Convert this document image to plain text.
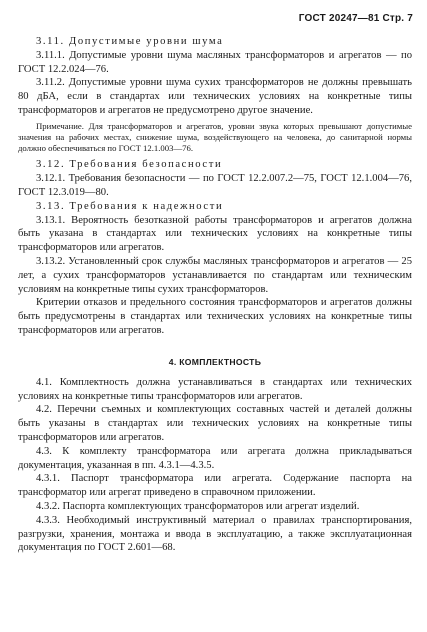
ГОСТ 20247—81 Стр. 7

3.11. Допустимые уровни шума

3.11.1. Допустимые уровни шума масляных трансформаторов и агрегатов — по ГОСТ 12.2.024—76.

3.11.2. Допустимые уровни шума сухих трансформаторов не должны превышать 80 дБА, если в стандартах или технических условиях на конкретные типы трансформаторов и агрегатов не предусмотрено другое значение.

Примечание. Для трансформаторов и агрегатов, уровни звука которых превышают допустимые значения на рабочих местах, снижение шума, воздействующего на человека, до санитарной нормы должно обеспечиваться по ГОСТ 12.1.003—76.

3.12. Требования безопасности

3.12.1. Требования безопасности — по ГОСТ 12.2.007.2—75, ГОСТ 12.1.004—76, ГОСТ 12.3.019—80.

3.13. Требования к надежности

3.13.1. Вероятность безотказной работы трансформаторов и агрегатов должна быть указана в стандартах или технических условиях на конкретные типы трансформаторов или агрегатов.

3.13.2. Установленный срок службы масляных трансформаторов и агрегатов — 25 лет, а сухих трансформаторов устанавливается по стандартам или техническим условиям на конкретные типы сухих трансформаторов.

Критерии отказов и предельного состояния трансформаторов и агрегатов должны быть предусмотрены в стандартах или технических условиях на конкретные типы трансформаторов или агрегатов.

4. КОМПЛЕКТНОСТЬ

4.1. Комплектность должна устанавливаться в стандартах или технических условиях на конкретные типы трансформаторов или агрегатов.

4.2. Перечни съемных и комплектующих составных частей и деталей должны быть указаны в стандартах или технических условиях на конкретные типы трансформаторов или агрегатов.

4.3. К комплекту трансформатора или агрегата должна прикладываться документация, указанная в пп. 4.3.1—4.3.5.

4.3.1. Паспорт трансформатора или агрегата. Содержание паспорта на трансформатор или агрегат приведено в справочном приложении.

4.3.2. Паспорта комплектующих трансформаторов или агрегат изделий.

4.3.3. Необходимый инструктивный материал о правилах транспортирования, разгрузки, хранения, монтажа и ввода в эксплуатацию, а также эксплуатационная документация по ГОСТ 2.601—68.
